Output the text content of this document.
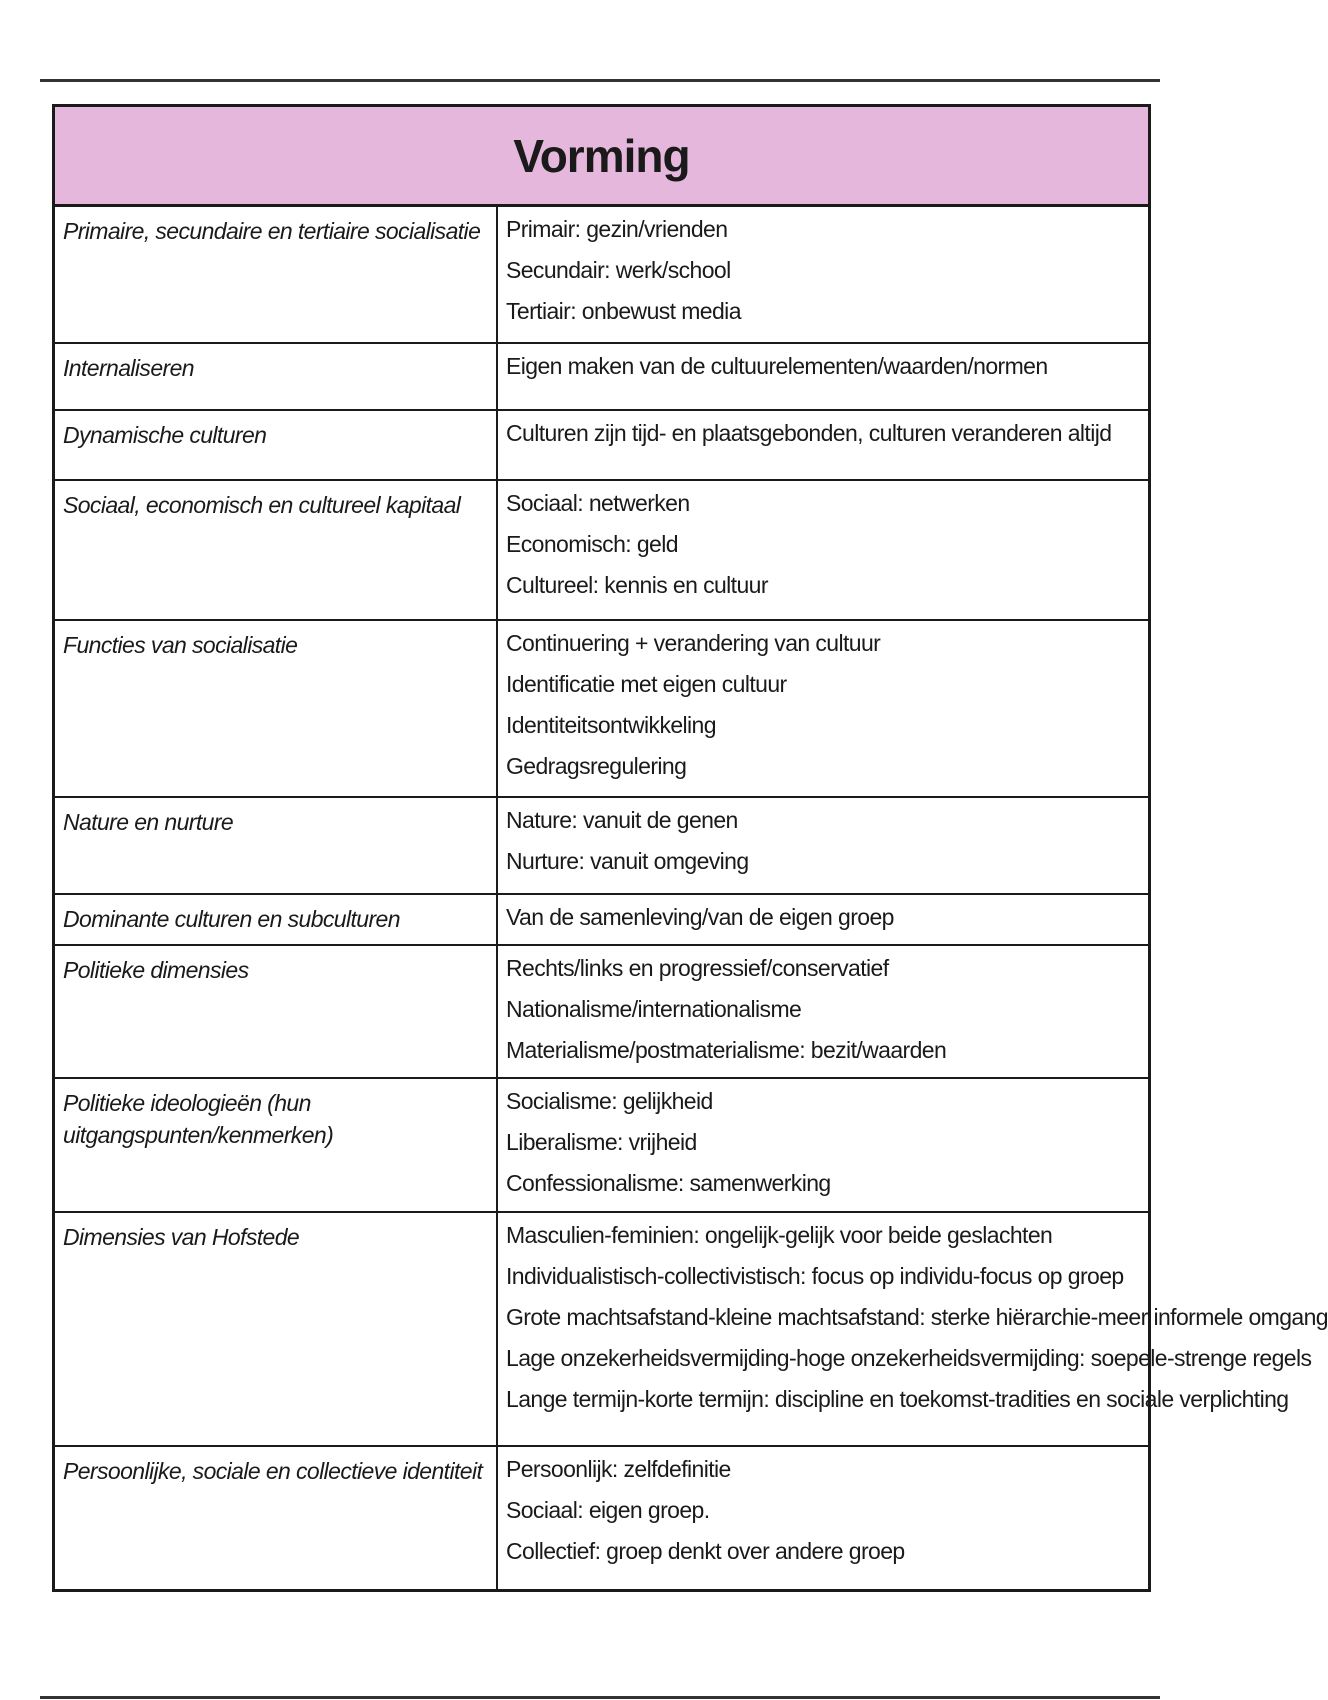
Vorming
Primaire, secundaire en tertiaire socialisatie	Primair: gezin/vrienden
Secundair: werk/school
Tertiair: onbewust media

Internaliseren	Eigen maken van de cultuurelementen/waarden/normen

Dynamische culturen	Culturen zijn tijd- en plaatsgebonden, culturen veranderen altijd

Sociaal, economisch en cultureel kapitaal	Sociaal: netwerken
Economisch: geld
Cultureel: kennis en cultuur

Functies van socialisatie	Continuering + verandering van cultuur
Identificatie met eigen cultuur
Identiteitsontwikkeling
Gedragsregulering

Nature en nurture	Nature: vanuit de genen
Nurture: vanuit omgeving

Dominante culturen en subculturen	Van de samenleving/van de eigen groep

Politieke dimensies	Rechts/links en progressief/conservatief
Nationalisme/internationalisme
Materialisme/postmaterialisme: bezit/waarden

Politieke ideologieën (hun uitgangspunten/kenmerken)	Socialisme: gelijkheid
Liberalisme: vrijheid
Confessionalisme: samenwerking

Dimensies van Hofstede	Masculien-feminien: ongelijk-gelijk voor beide geslachten
Individualistisch-collectivistisch: focus op individu-focus op groep
Grote machtsafstand-kleine machtsafstand: sterke hiërarchie-meer informele omgang
Lage onzekerheidsvermijding-hoge onzekerheidsvermijding: soepele-strenge regels
Lange termijn-korte termijn: discipline en toekomst-tradities en sociale verplichting

Persoonlijke, sociale en collectieve identiteit	Persoonlijk: zelfdefinitie
Sociaal: eigen groep.
Collectief: groep denkt over andere groep
